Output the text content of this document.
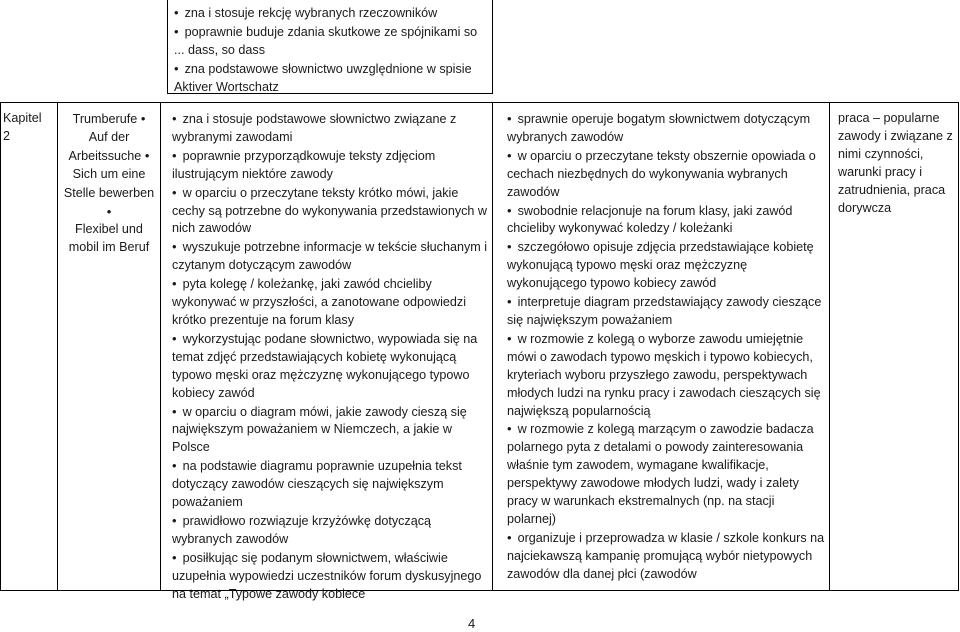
• zna i stosuje rekcję wybranych rzeczowników

• poprawnie buduje zdania skutkowe ze spójnikami so ... dass, so dass

• zna podstawowe słownictwo uwzględnione w spisie Aktiver Wortschatz

Kapitel

2

Trumberufe •

Auf der Arbeitssuche •

Sich um eine Stelle bewerben •

Flexibel und mobil im Beruf

• zna i stosuje podstawowe słownictwo związane z wybranymi zawodami

• poprawnie przyporządkowuje teksty zdjęciom ilustrującym niektóre zawody

• w oparciu o przeczytane teksty krótko mówi, jakie cechy są potrzebne do wykonywania przedstawionych w nich zawodów

• wyszukuje potrzebne informacje w tekście słuchanym i czytanym dotyczącym zawodów

• pyta kolegę / koleżankę, jaki zawód chcieliby wykonywać w przyszłości, a zanotowane odpowiedzi krótko prezentuje na forum klasy

• wykorzystując podane słownictwo, wypowiada się na temat zdjęć przedstawiających kobietę wykonującą typowo męski oraz mężczyznę wykonującego typowo kobiecy zawód

• w oparciu o diagram mówi, jakie zawody cieszą się największym poważaniem w Niemczech, a jakie w Polsce

• na podstawie diagramu poprawnie uzupełnia tekst dotyczący zawodów cieszących się największym poważaniem

• prawidłowo rozwiązuje krzyżówkę dotyczącą wybranych zawodów

• posiłkując się podanym słownictwem, właściwie uzupełnia wypowiedzi uczestników forum dyskusyjnego na temat „Typowe zawody kobiece

• sprawnie operuje bogatym słownictwem dotyczącym wybranych zawodów

• w oparciu o przeczytane teksty obszernie opowiada o cechach niezbędnych do wykonywania wybranych zawodów

• swobodnie relacjonuje na forum klasy, jaki zawód chcieliby wykonywać koledzy / koleżanki

• szczegółowo opisuje zdjęcia przedstawiające kobietę wykonującą typowo męski oraz mężczyznę wykonującego typowo kobiecy zawód

• interpretuje diagram przedstawiający zawody cieszące się największym poważaniem

• w rozmowie z kolegą o wyborze zawodu umiejętnie mówi o zawodach typowo męskich i typowo kobiecych, kryteriach wyboru przyszłego zawodu, perspektywach młodych ludzi na rynku pracy i zawodach cieszących się największą popularnością

• w rozmowie z kolegą marzącym o zawodzie badacza polarnego pyta z detalami o powody zainteresowania właśnie tym zawodem, wymagane kwalifikacje, perspektywy zawodowe młodych ludzi, wady i zalety pracy w warunkach ekstremalnych (np. na stacji polarnej)

• organizuje i przeprowadza w klasie / szkole konkurs na najciekawszą kampanię promującą wybór nietypowych zawodów dla danej płci (zawodów

praca – popularne zawody i związane z nimi czynności, warunki pracy i zatrudnienia, praca dorywcza

4
